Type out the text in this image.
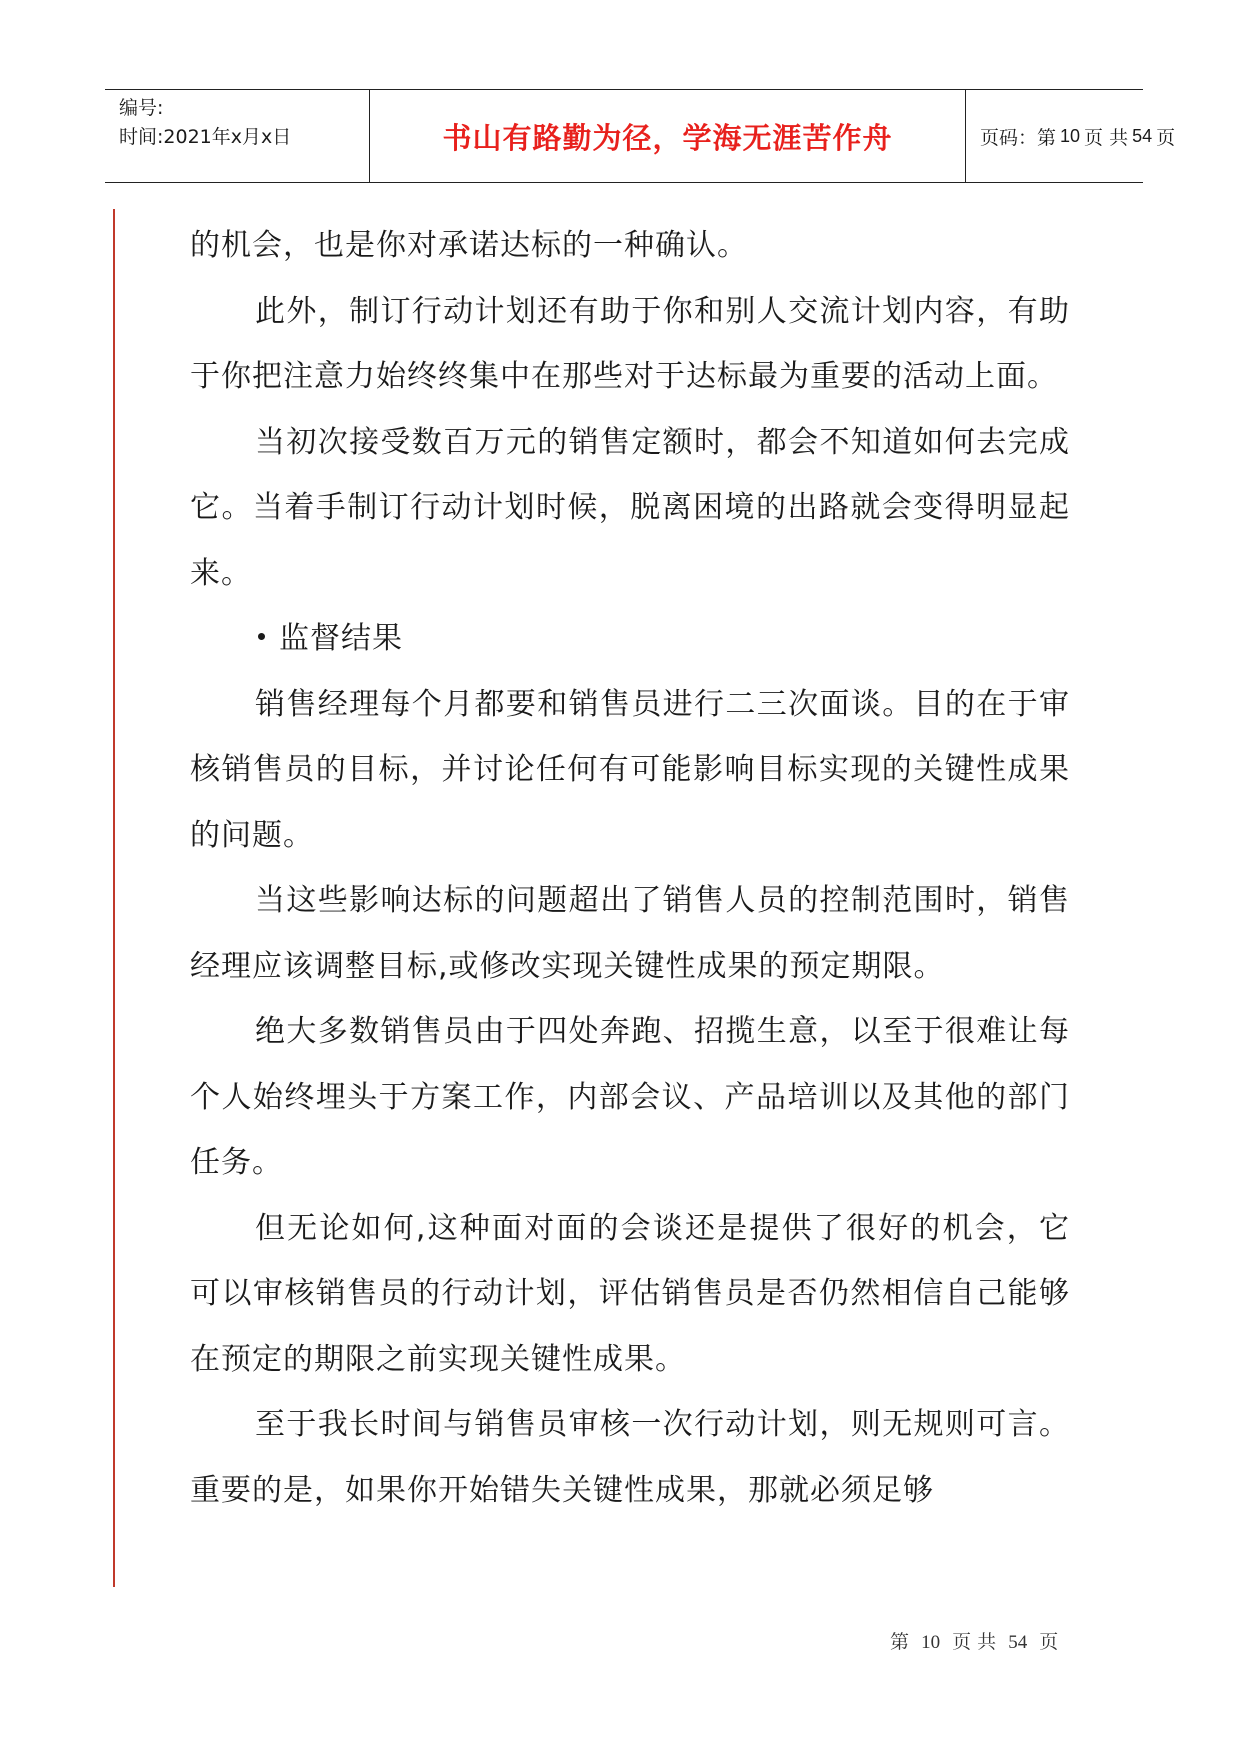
编号:
时间:2021年x月x日	书山有路勤为径，学海无涯苦作舟	页码：第 10 页 共 54 页

的机会，也是你对承诺达标的一种确认。

此外，制订行动计划还有助于你和别人交流计划内容，有助于你把注意力始终终集中在那些对于达标最为重要的活动上面。

当初次接受数百万元的销售定额时，都会不知道如何去完成它。当着手制订行动计划时候，脱离困境的出路就会变得明显起来。

监督结果

销售经理每个月都要和销售员进行二三次面谈。目的在于审核销售员的目标，并讨论任何有可能影响目标实现的关键性成果的问题。

当这些影响达标的问题超出了销售人员的控制范围时，销售经理应该调整目标,或修改实现关键性成果的预定期限。

绝大多数销售员由于四处奔跑、招揽生意，以至于很难让每个人始终埋头于方案工作，内部会议、产品培训以及其他的部门任务。

但无论如何,这种面对面的会谈还是提供了很好的机会，它可以审核销售员的行动计划，评估销售员是否仍然相信自己能够在预定的期限之前实现关键性成果。

至于我长时间与销售员审核一次行动计划，则无规则可言。重要的是，如果你开始错失关键性成果，那就必须足够

第 10 页 共 54 页
